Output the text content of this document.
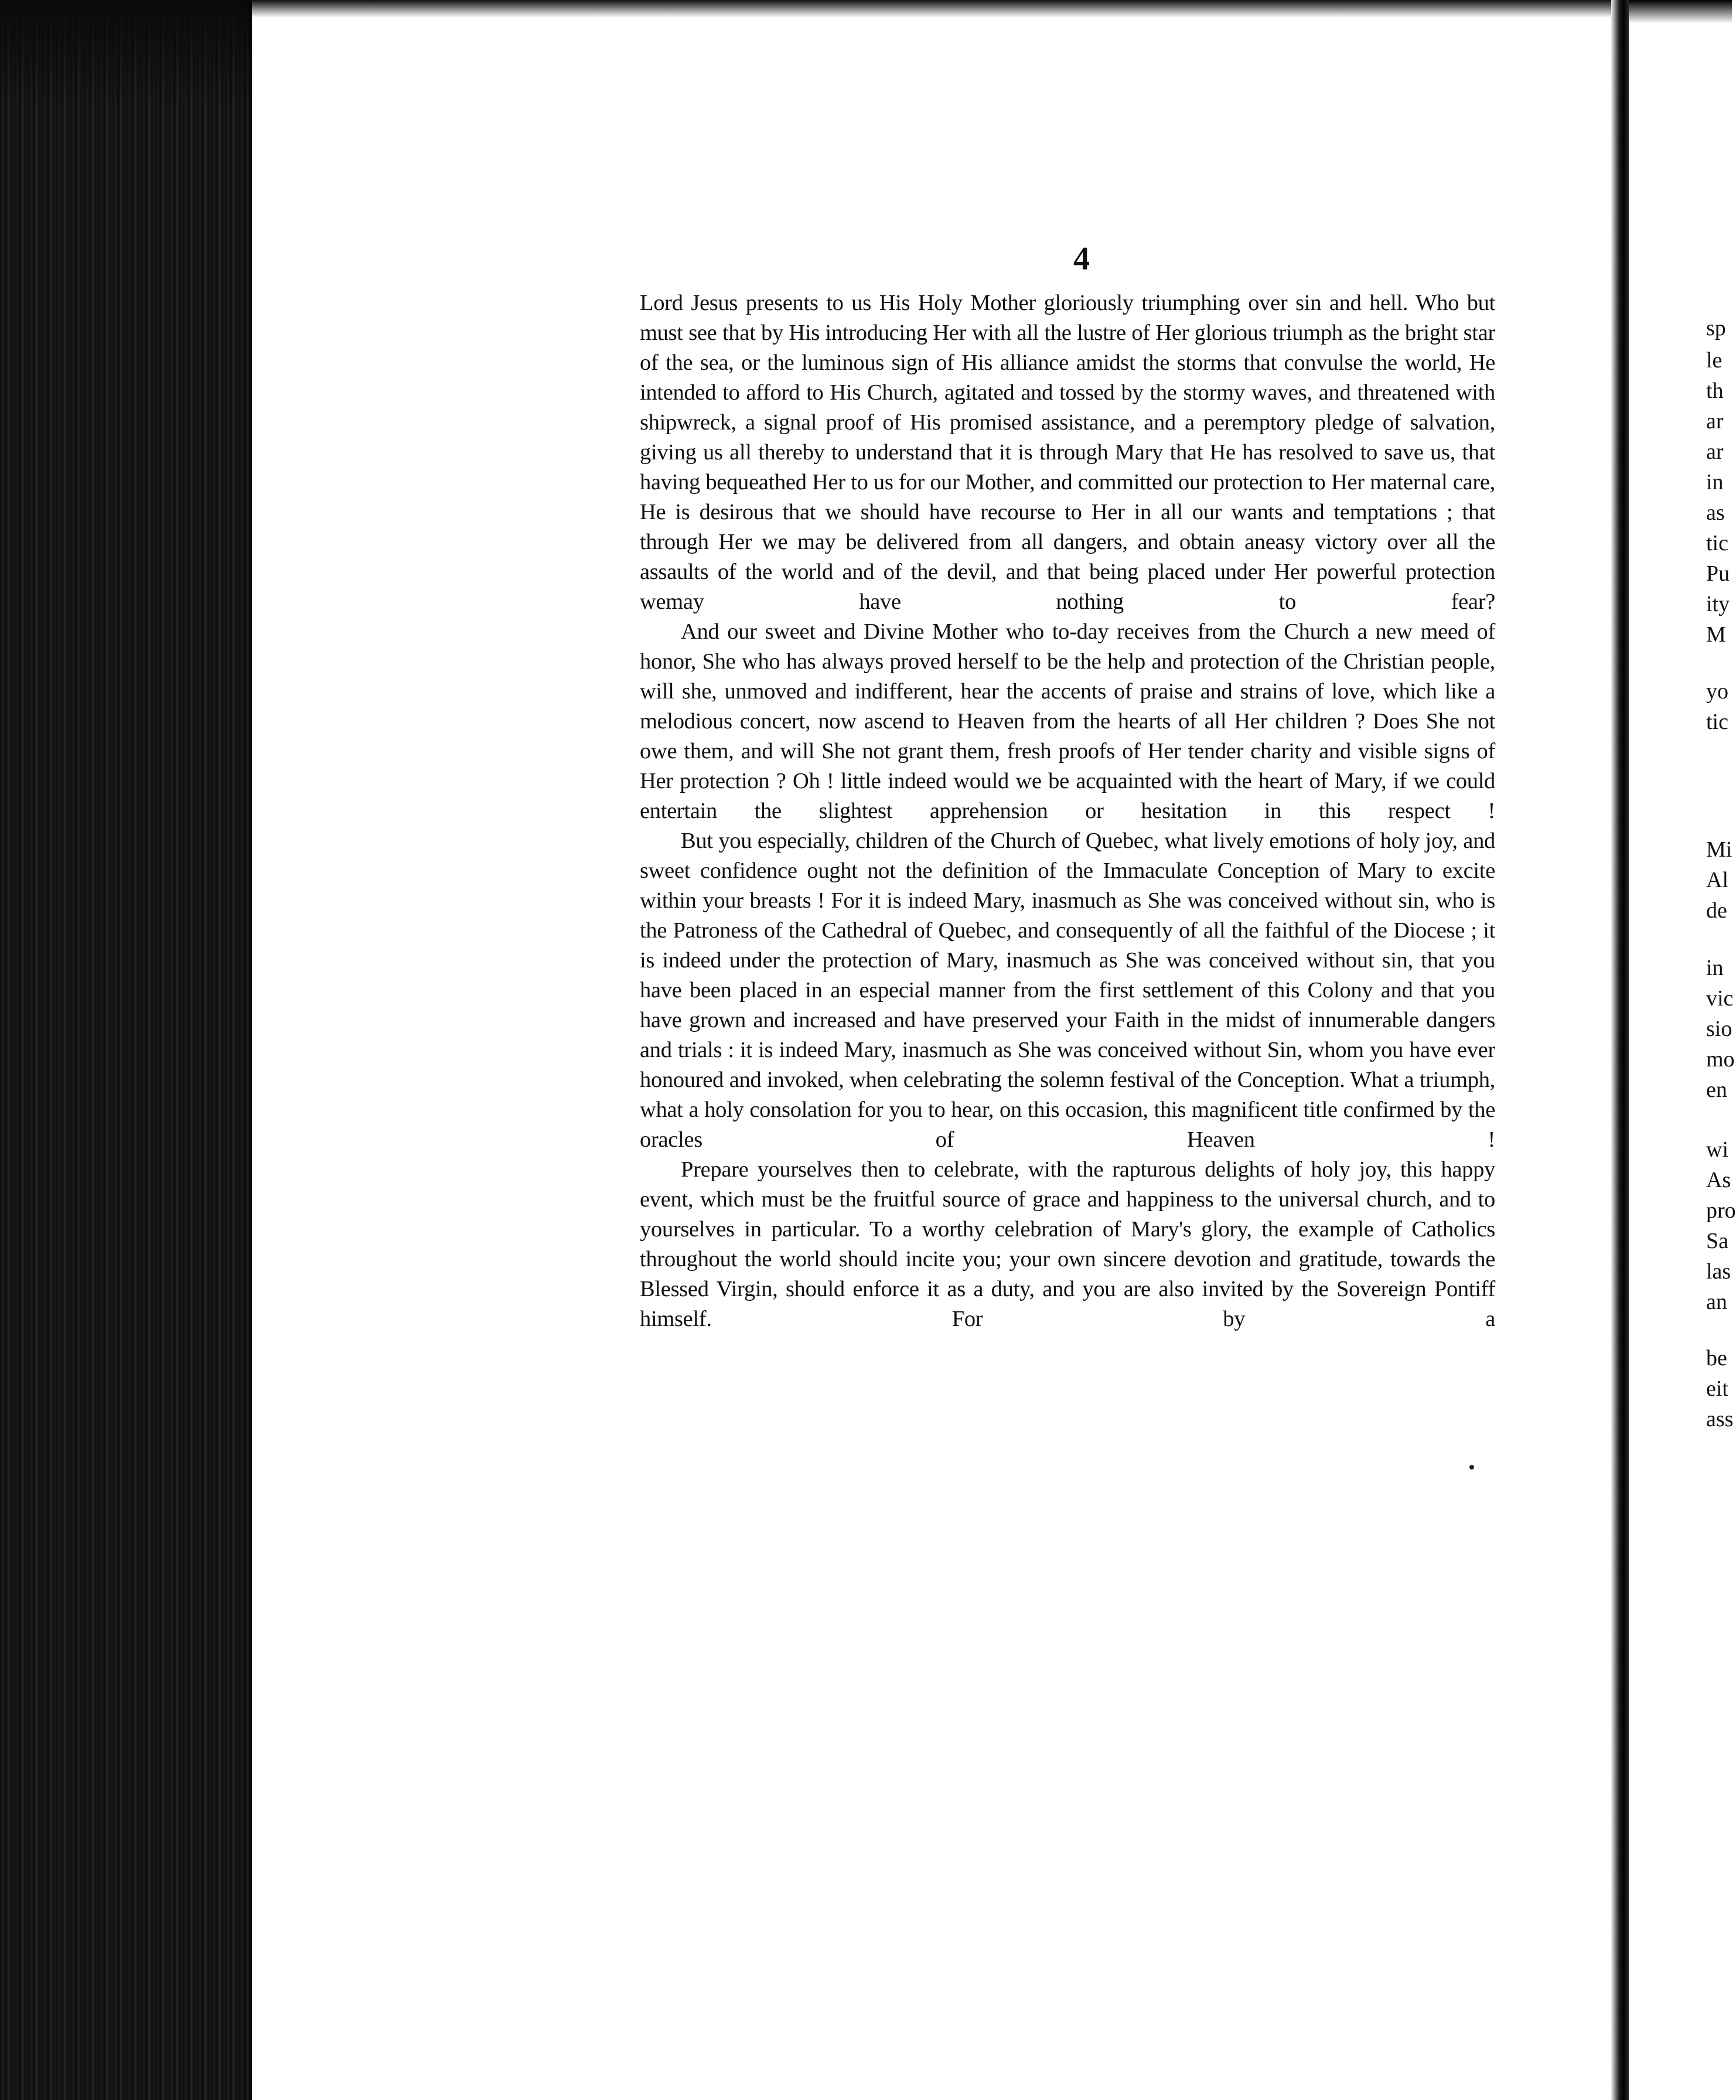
4

Lord Jesus presents to us His Holy Mother gloriously triumphing over sin and hell. Who but must see that by His introducing Her with all the lustre of Her glorious triumph as the bright star of the sea, or the luminous sign of His alliance amidst the storms that convulse the world, He intended to afford to His Church, agitated and tossed by the stormy waves, and threatened with shipwreck, a signal proof of His promised assistance, and a peremptory pledge of salvation, giving us all thereby to understand that it is through Mary that He has resolved to save us, that having bequeathed Her to us for our Mother, and committed our protection to Her maternal care, He is desirous that we should have recourse to Her in all our wants and temptations ; that through Her we may be delivered from all dangers, and obtain aneasy victory over all the assaults of the world and of the devil, and that being placed under Her powerful protection wemay have nothing to fear?

And our sweet and Divine Mother who to-day receives from the Church a new meed of honor, She who has always proved herself to be the help and protection of the Christian people, will she, unmoved and indifferent, hear the accents of praise and strains of love, which like a melodious concert, now ascend to Heaven from the hearts of all Her children ? Does She not owe them, and will She not grant them, fresh proofs of Her tender charity and visible signs of Her protection ? Oh ! little indeed would we be acquainted with the heart of Mary, if we could entertain the slightest apprehension or hesitation in this respect !

But you especially, children of the Church of Quebec, what lively emotions of holy joy, and sweet confidence ought not the definition of the Immaculate Conception of Mary to excite within your breasts ! For it is indeed Mary, inasmuch as She was conceived without sin, who is the Patroness of the Cathedral of Quebec, and consequently of all the faithful of the Diocese ; it is indeed under the protection of Mary, inasmuch as She was conceived without sin, that you have been placed in an especial manner from the first settlement of this Colony and that you have grown and increased and have preserved your Faith in the midst of innumerable dangers and trials : it is indeed Mary, inasmuch as She was conceived without Sin, whom you have ever honoured and invoked, when celebrating the solemn festival of the Conception. What a triumph, what a holy consolation for you to hear, on this occasion, this magnificent title confirmed by the oracles of Heaven !

Prepare yourselves then to celebrate, with the rapturous delights of holy joy, this happy event, which must be the fruitful source of grace and happiness to the universal church, and to yourselves in particular. To a worthy celebration of Mary's glory, the example of Catholics throughout the world should incite you; your own sincere devotion and gratitude, towards the Blessed Virgin, should enforce it as a duty, and you are also invited by the Sovereign Pontiff himself. For by a

sp
le
th
ar
ar
in
as
tic
Pu
ity
M
yo
tic
Mi
Al
de
in
vic
sio
mo
en
wi
As
pro
Sa
las
an
be
eit
ass
